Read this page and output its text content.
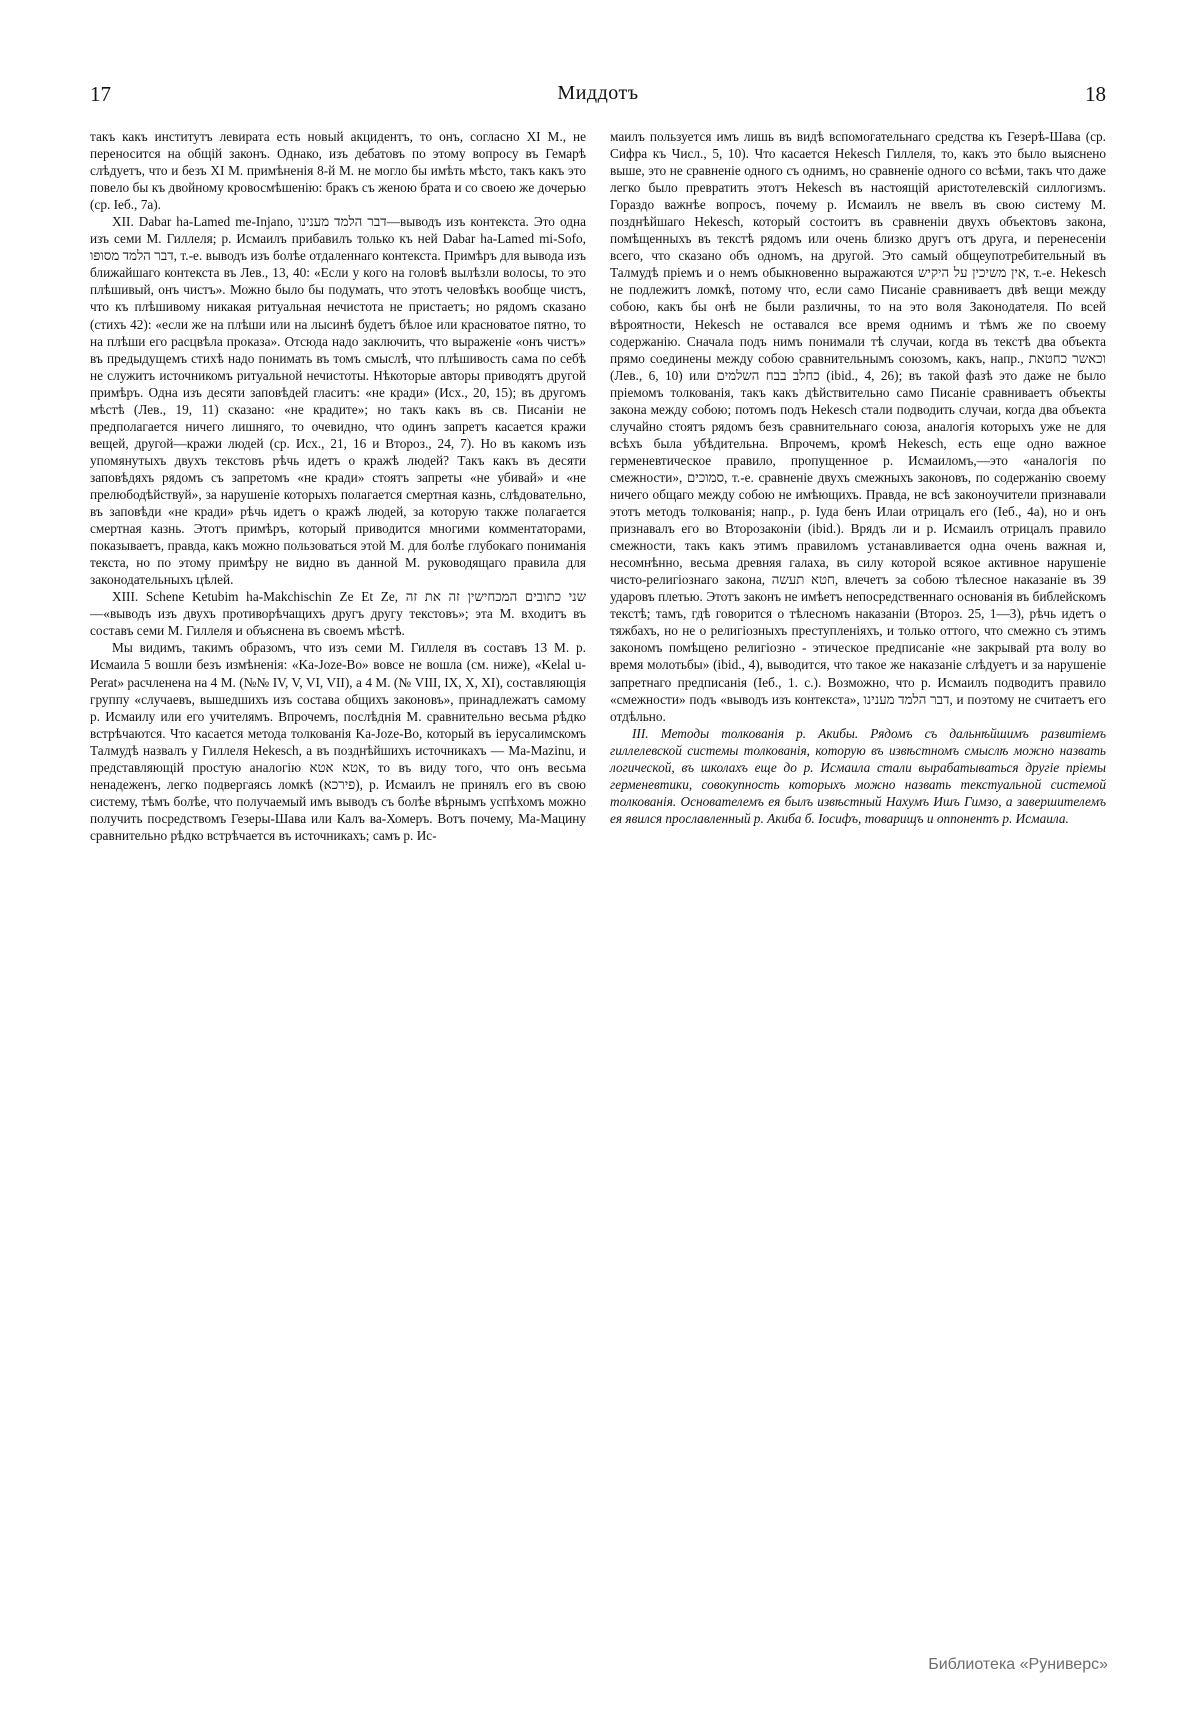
17	Миддотъ	18

такъ какъ институтъ левирата есть новый акцидентъ, то онъ, согласно XI М., не переносится на общій законъ. Однако, изъ дебатовъ по этому вопросу въ Гемарѣ слѣдуетъ, что и безъ XI М. примѣненія 8-й М. не могло бы имѣть мѣсто, такъ какъ это повело бы къ двойному кровосмѣшенію: бракъ съ женою брата и со своею же дочерью (ср. Іеб., 7а).

XII. Dabar ha-Lamed me-Injano, דבר הלמד מענינו—выводъ изъ контекста. Это одна изъ семи М. Гиллеля; р. Исмаилъ прибавилъ только къ ней Dabar ha-Lamed mi-Sofo, דבר הלמד מסופו, т.-е. выводъ изъ болѣе отдаленнаго контекста. Примѣръ для вывода изъ ближайшаго контекста въ Лев., 13, 40: «Если у кого на головѣ вылѣзли волосы, то это плѣшивый, онъ чистъ». Можно было бы подумать, что этотъ человѣкъ вообще чистъ, что къ плѣшивому никакая ритуальная нечистота не пристаетъ; но рядомъ сказано (стихъ 42): «если же на плѣши или на лысинѣ будетъ бѣлое или красноватое пятно, то на плѣши его расцвѣла проказа». Отсюда надо заключить, что выраженіе «онъ чистъ» въ предыдущемъ стихѣ надо понимать въ томъ смыслѣ, что плѣшивость сама по себѣ не служитъ источникомъ ритуальной нечистоты. Нѣкоторые авторы приводятъ другой примѣръ. Одна изъ десяти заповѣдей гласитъ: «не кради» (Исх., 20, 15); въ другомъ мѣстѣ (Лев., 19, 11) сказано: «не крадите»; но такъ какъ въ св. Писаніи не предполагается ничего лишняго, то очевидно, что одинъ запретъ касается кражи вещей, другой—кражи людей (ср. Исх., 21, 16 и Второз., 24, 7). Но въ какомъ изъ упомянутыхъ двухъ текстовъ рѣчь идетъ о кражѣ людей? Такъ какъ въ десяти заповѣдяхъ рядомъ съ запретомъ «не кради» стоятъ запреты «не убивай» и «не прелюбодѣйствуй», за нарушеніе которыхъ полагается смертная казнь, слѣдовательно, въ заповѣди «не кради» рѣчь идетъ о кражѣ людей, за которую также полагается смертная казнь. Этотъ примѣръ, который приводится многими комментаторами, показываетъ, правда, какъ можно пользоваться этой М. для болѣе глубокаго пониманія текста, но по этому примѣру не видно въ данной М. руководящаго правила для законодательныхъ цѣлей.

XIII. Schene Ketubim ha-Makchischin Ze Et Ze, שני כתובים המכחישין זה את זה—«выводъ изъ двухъ противорѣчащихъ другъ другу текстовъ»; эта М. входитъ въ составъ семи М. Гиллеля и объяснена въ своемъ мѣстѣ.

Мы видимъ, такимъ образомъ, что изъ семи М. Гиллеля въ составъ 13 М. р. Исмаила 5 вошли безъ измѣненія: «Ka-Joze-Bo» вовсе не вошла (см. ниже), «Kelal u-Perat» расчленена на 4 М. (№№ IV, V, VI, VII), а 4 М. (№ VIII, IX, X, XI), составляющія группу «случаевъ, вышедшихъ изъ состава общихъ законовъ», принадлежатъ самому р. Исмаилу или его учителямъ. Впрочемъ, послѣднія М. сравнительно весьма рѣдко встрѣчаются. Что касается метода толкованія Ka-Joze-Bo, который въ іерусалимскомъ Талмудѣ назвалъ у Гиллеля Hekesch, а въ позднѣйшихъ источникахъ — Ma-Mazinu, и представляющій простую аналогію אטא אטא, то въ виду того, что онъ весьма ненадеженъ, легко подвергаясь ломкѣ (פירכא), р. Исмаилъ не принялъ его въ свою систему, тѣмъ болѣе, что получаемый имъ выводъ съ болѣе вѣрнымъ успѣхомъ можно получить посредствомъ Гезеры-Шава или Калъ ва-Хомеръ. Вотъ почему, Ma-Мацину сравнительно рѣдко встрѣчается въ источникахъ; самъ р. Ис-

маилъ пользуется имъ лишь въ видѣ вспомогательнаго средства къ Гезерѣ-Шава (ср. Сифра къ Числ., 5, 10). Что касается Hekesch Гиллеля, то, какъ это было выяснено выше, это не сравненіе одного съ однимъ, но сравненіе одного со всѣми, такъ что даже легко было превратить этотъ Hekesch въ настоящій аристотелевскій силлогизмъ. Гораздо важнѣе вопросъ, почему р. Исмаилъ не ввелъ въ свою систему М. позднѣйшаго Hekesch, который состоитъ въ сравненіи двухъ объектовъ закона, помѣщенныхъ въ текстѣ рядомъ или очень близко другъ отъ друга, и перенесеніи всего, что сказано объ одномъ, на другой. Это самый общеупотребительный въ Талмудѣ пріемъ и о немъ обыкновенно выражаются אין משיכין על היקיש, т.-е. Hekesch не подлежитъ ломкѣ, потому что, если само Писаніе сравниваетъ двѣ вещи между собою, какъ бы онѣ не были различны, то на это воля Законодателя. По всей вѣроятности, Hekesch не оставался все время однимъ и тѣмъ же по своему содержанію. Сначала подъ нимъ понимали тѣ случаи, когда въ текстѣ два объекта прямо соединены между собою сравнительнымъ союзомъ, какъ, напр., וכאשר כחטאת (Лев., 6, 10) или כחלב בבח השלמים (ibid., 4, 26); въ такой фазѣ это даже не было пріемомъ толкованія, такъ какъ дѣйствительно само Писаніе сравниваетъ объекты закона между собою; потомъ подъ Hekesch стали подводить случаи, когда два объекта случайно стоятъ рядомъ безъ сравнительнаго союза, аналогія которыхъ уже не для всѣхъ была убѣдительна. Впрочемъ, кромѣ Hekesch, есть еще одно важное герменевтическое правило, пропущенное р. Исмаиломъ,—это «аналогія по смежности», סמוכים, т.-е. сравненіе двухъ смежныхъ законовъ, по содержанію своему ничего общаго между собою не имѣющихъ. Правда, не всѣ законоучители признавали этотъ методъ толкованія; напр., р. Іуда бенъ Илаи отрицалъ его (Іеб., 4а), но и онъ признавалъ его во Второзаконіи (ibid.). Врядъ ли и р. Исмаилъ отрицалъ правило смежности, такъ какъ этимъ правиломъ устанавливается одна очень важная и, несомнѣнно, весьма древняя галаха, въ силу которой всякое активное нарушеніе чисто-религіознаго закона, חטא תעשה, влечетъ за собою тѣлесное наказаніе въ 39 ударовъ плетью. Этотъ законъ не имѣетъ непосредственнаго основанія въ библейскомъ текстѣ; тамъ, гдѣ говорится о тѣлесномъ наказаніи (Второз. 25, 1—3), рѣчь идетъ о тяжбахъ, но не о религіозныхъ преступленіяхъ, и только оттого, что смежно съ этимъ закономъ помѣщено религіозно - этическое предписаніе «не закрывай рта волу во время молотьбы» (ibid., 4), выводится, что такое же наказаніе слѣдуетъ и за нарушеніе запретнаго предписанія (Іеб., 1. с.). Возможно, что р. Исмаилъ подводитъ правило «смежности» подъ «выводъ изъ контекста», דבר הלמד מענינו, и поэтому не считаетъ его отдѣльно.

III. Методы толкованія р. Акибы. Рядомъ съ дальнѣйшимъ развитіемъ гиллелевской системы толкованія, которую въ извѣстномъ смыслѣ можно назвать логической, въ школахъ еще до р. Исмаила стали вырабатываться другіе пріемы герменевтики, совокупность которыхъ можно назвать текстуальной системой толкованія. Основателемъ ея былъ извѣстный Нахумъ Ишъ Гимзо, а завершителемъ ея явился прославленный р. Акиба б. Іосифъ, товарищъ и оппонентъ р. Исмаила.

Библиотека «Руниверс»
